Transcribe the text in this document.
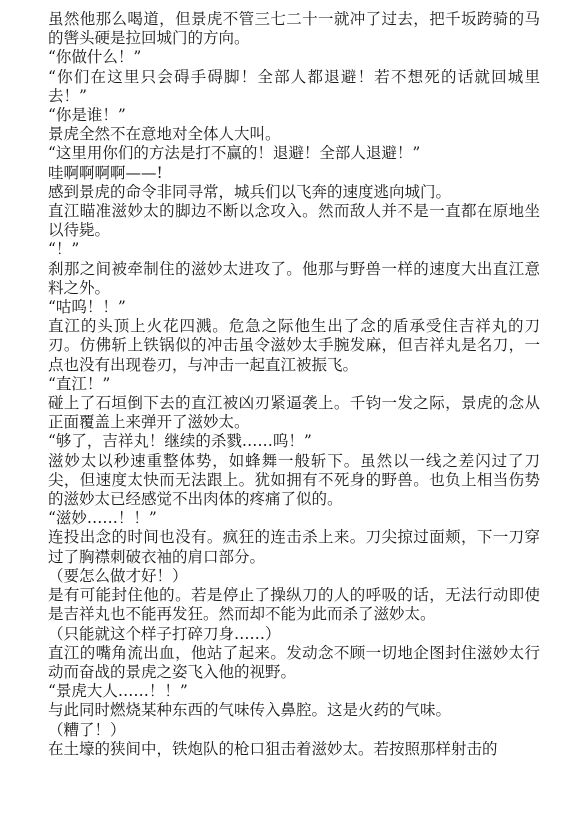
虽然他那么喝道，但景虎不管三七二十一就冲了过去，把千坂跨骑的马的辔头硬是拉回城门的方向。

“你做什么！”

“你们在这里只会碍手碍脚！全部人都退避！若不想死的话就回城里去！”

“你是谁！”

景虎全然不在意地对全体人大叫。

“这里用你们的方法是打不赢的！退避！全部人退避！”

哇啊啊啊啊——!

感到景虎的命令非同寻常，城兵们以飞奔的速度逃向城门。

直江瞄准滋妙太的脚边不断以念攻入。然而敌人并不是一直都在原地坐以待毙。

“！”

刹那之间被牵制住的滋妙太进攻了。他那与野兽一样的速度大出直江意料之外。

“咕呜！！”

直江的头顶上火花四溅。危急之际他生出了念的盾承受住吉祥丸的刀刃。仿佛斩上铁锅似的冲击虽令滋妙太手腕发麻，但吉祥丸是名刀，一点也没有出现卷刃，与冲击一起直江被振飞。

“直江！”

碰上了石垣倒下去的直江被凶刃紧逼袭上。千钧一发之际，景虎的念从正面覆盖上来弹开了滋妙太。

“够了，吉祥丸！继续的杀戮……呜！”

滋妙太以秒速重整体势，如蜂舞一般斩下。虽然以一线之差闪过了刀尖，但速度太快而无法跟上。犹如拥有不死身的野兽。也负上相当伤势的滋妙太已经感觉不出肉体的疼痛了似的。

“滋妙……！！”

连投出念的时间也没有。疯狂的连击杀上来。刀尖掠过面颊，下一刀穿过了胸襟刺破衣袖的肩口部分。

（要怎么做才好！）

是有可能封住他的。若是停止了操纵刀的人的呼吸的话，无法行动即使是吉祥丸也不能再发狂。然而却不能为此而杀了滋妙太。

（只能就这个样子打碎刀身……）

直江的嘴角流出血，他站了起来。发动念不顾一切地企图封住滋妙太行动而奋战的景虎之姿飞入他的视野。

“景虎大人……！！”

与此同时燃烧某种东西的气味传入鼻腔。这是火药的气味。

（糟了！）

在土壕的狭间中，铁炮队的枪口狙击着滋妙太。若按照那样射击的
